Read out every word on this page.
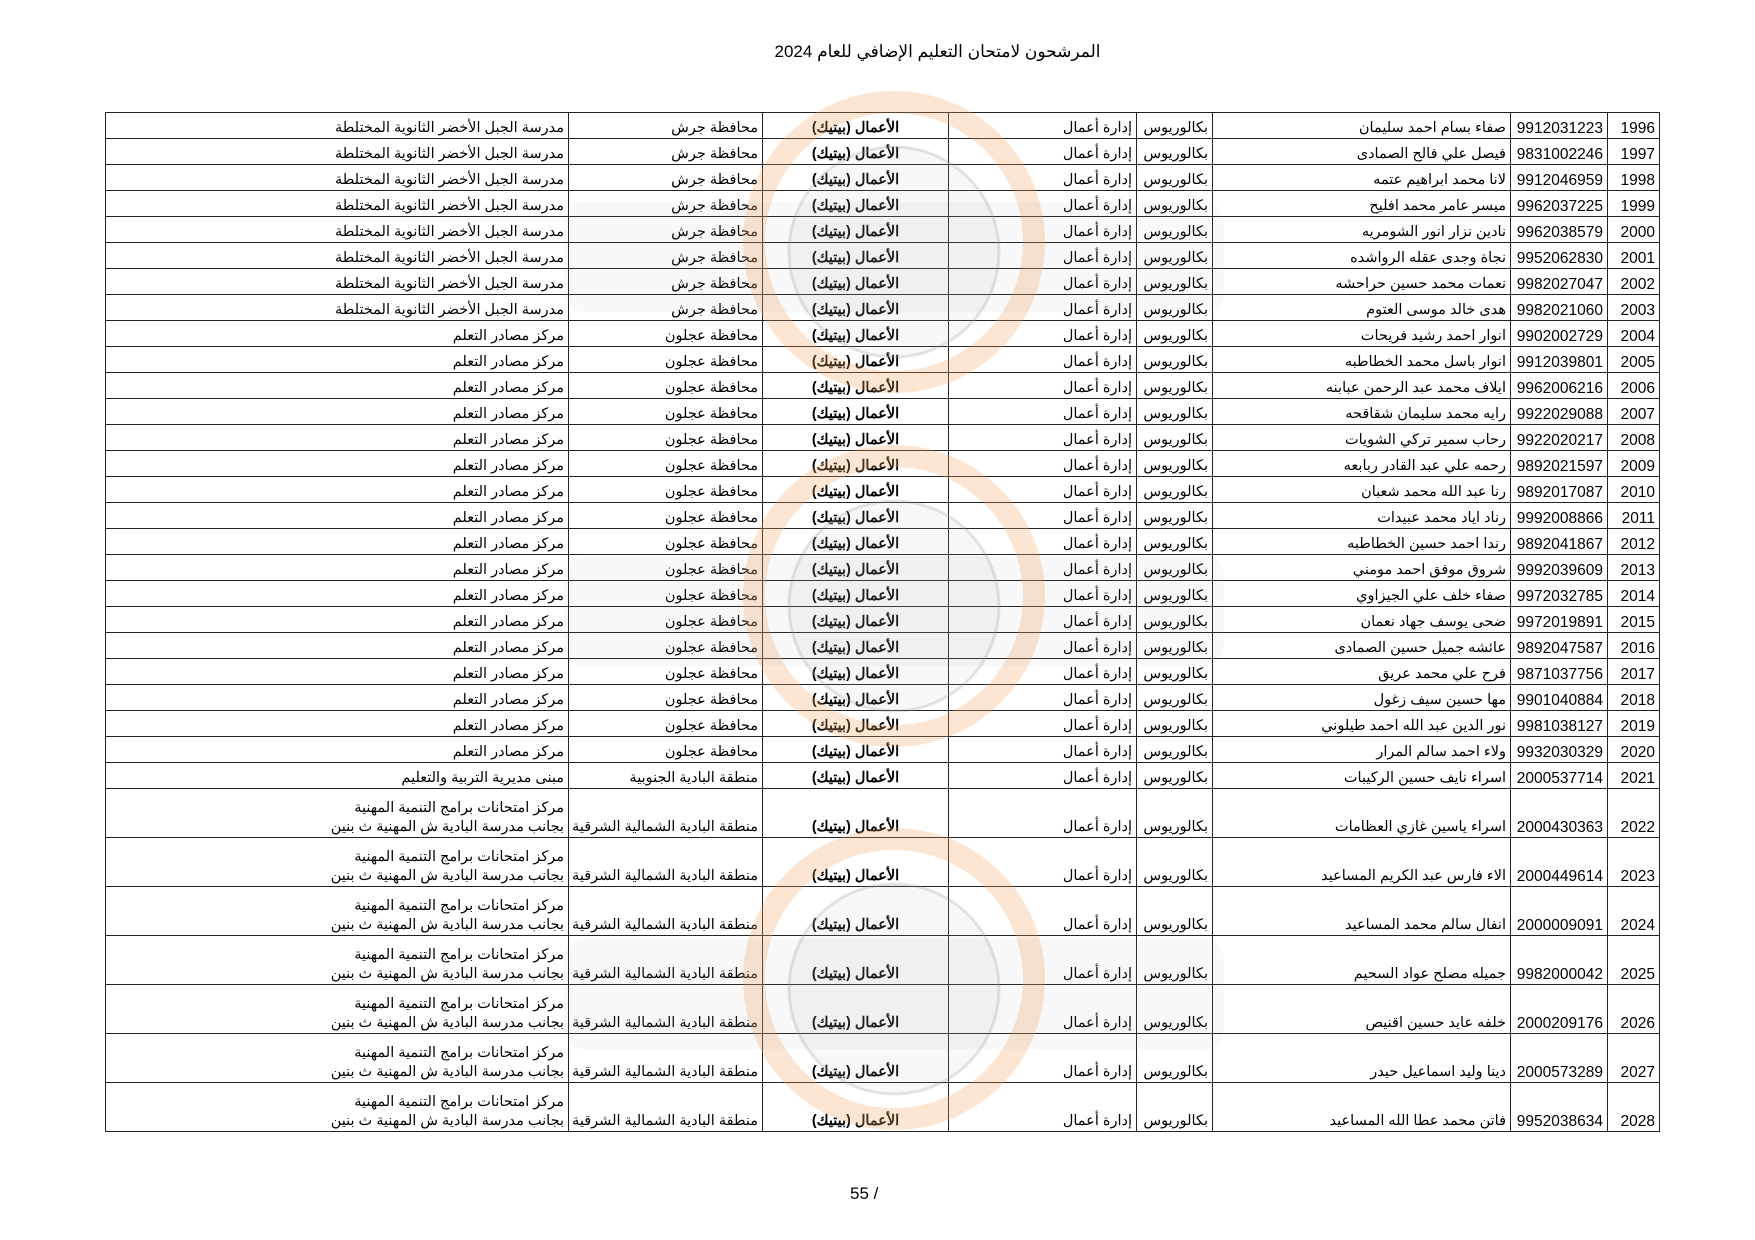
المرشحون لامتحان التعليم الإضافي للعام 2024
1996	9912031223	صفاء بسام احمد سليمان	بكالوريوس	إدارة أعمال	الأعمال (بيتيك)	محافظة جرش	مدرسة الجبل الأخضر الثانوية المختلطة
1997	9831002246	فيصل علي فالح الصمادى	بكالوريوس	إدارة أعمال	الأعمال (بيتيك)	محافظة جرش	مدرسة الجبل الأخضر الثانوية المختلطة
1998	9912046959	لانا محمد ابراهيم عتمه	بكالوريوس	إدارة أعمال	الأعمال (بيتيك)	محافظة جرش	مدرسة الجبل الأخضر الثانوية المختلطة
1999	9962037225	ميسر عامر محمد افليح	بكالوريوس	إدارة أعمال	الأعمال (بيتيك)	محافظة جرش	مدرسة الجبل الأخضر الثانوية المختلطة
2000	9962038579	نادين نزار انور الشومريه	بكالوريوس	إدارة أعمال	الأعمال (بيتيك)	محافظة جرش	مدرسة الجبل الأخضر الثانوية المختلطة
2001	9952062830	نجاة وجدى عقله الرواشده	بكالوريوس	إدارة أعمال	الأعمال (بيتيك)	محافظة جرش	مدرسة الجبل الأخضر الثانوية المختلطة
2002	9982027047	نعمات محمد حسين حراحشه	بكالوريوس	إدارة أعمال	الأعمال (بيتيك)	محافظة جرش	مدرسة الجبل الأخضر الثانوية المختلطة
2003	9982021060	هدى خالد موسى العتوم	بكالوريوس	إدارة أعمال	الأعمال (بيتيك)	محافظة جرش	مدرسة الجبل الأخضر الثانوية المختلطة
2004	9902002729	انوار احمد رشيد فريحات	بكالوريوس	إدارة أعمال	الأعمال (بيتيك)	محافظة عجلون	مركز مصادر التعلم
2005	9912039801	انوار باسل محمد الخطاطبه	بكالوريوس	إدارة أعمال	الأعمال (بيتيك)	محافظة عجلون	مركز مصادر التعلم
2006	9962006216	ايلاف محمد عبد الرحمن عبابنه	بكالوريوس	إدارة أعمال	الأعمال (بيتيك)	محافظة عجلون	مركز مصادر التعلم
2007	9922029088	رايه محمد سليمان شقاقحه	بكالوريوس	إدارة أعمال	الأعمال (بيتيك)	محافظة عجلون	مركز مصادر التعلم
2008	9922020217	رحاب سمير تركي الشويات	بكالوريوس	إدارة أعمال	الأعمال (بيتيك)	محافظة عجلون	مركز مصادر التعلم
2009	9892021597	رحمه علي عبد القادر ربابعه	بكالوريوس	إدارة أعمال	الأعمال (بيتيك)	محافظة عجلون	مركز مصادر التعلم
2010	9892017087	رنا عبد الله محمد شعبان	بكالوريوس	إدارة أعمال	الأعمال (بيتيك)	محافظة عجلون	مركز مصادر التعلم
2011	9992008866	رناد اياد محمد عبيدات	بكالوريوس	إدارة أعمال	الأعمال (بيتيك)	محافظة عجلون	مركز مصادر التعلم
2012	9892041867	رندا احمد حسين الخطاطبه	بكالوريوس	إدارة أعمال	الأعمال (بيتيك)	محافظة عجلون	مركز مصادر التعلم
2013	9992039609	شروق موفق احمد مومني	بكالوريوس	إدارة أعمال	الأعمال (بيتيك)	محافظة عجلون	مركز مصادر التعلم
2014	9972032785	صفاء خلف علي الجيزاوي	بكالوريوس	إدارة أعمال	الأعمال (بيتيك)	محافظة عجلون	مركز مصادر التعلم
2015	9972019891	ضحى يوسف جهاد نعمان	بكالوريوس	إدارة أعمال	الأعمال (بيتيك)	محافظة عجلون	مركز مصادر التعلم
2016	9892047587	عائشه جميل حسين الصمادى	بكالوريوس	إدارة أعمال	الأعمال (بيتيك)	محافظة عجلون	مركز مصادر التعلم
2017	9871037756	فرح علي محمد عريق	بكالوريوس	إدارة أعمال	الأعمال (بيتيك)	محافظة عجلون	مركز مصادر التعلم
2018	9901040884	مها حسين سيف زغول	بكالوريوس	إدارة أعمال	الأعمال (بيتيك)	محافظة عجلون	مركز مصادر التعلم
2019	9981038127	نور الدين عبد الله احمد طيلوني	بكالوريوس	إدارة أعمال	الأعمال (بيتيك)	محافظة عجلون	مركز مصادر التعلم
2020	9932030329	ولاء احمد سالم المرار	بكالوريوس	إدارة أعمال	الأعمال (بيتيك)	محافظة عجلون	مركز مصادر التعلم
2021	2000537714	اسراء نايف حسين الركيبات	بكالوريوس	إدارة أعمال	الأعمال (بيتيك)	منطقة البادية الجنوبية	مبنى مديرية التربية والتعليم
2022	2000430363	اسراء ياسين غازي العظامات	بكالوريوس	إدارة أعمال	الأعمال (بيتيك)	منطقة البادية الشمالية الشرقية	مركز امتحانات برامج التنمية المهنية
بجانب مدرسة البادية ش المهنية ث بنين

2023	2000449614	الاء فارس عبد الكريم المساعيد	بكالوريوس	إدارة أعمال	الأعمال (بيتيك)	منطقة البادية الشمالية الشرقية	مركز امتحانات برامج التنمية المهنية
بجانب مدرسة البادية ش المهنية ث بنين

2024	2000009091	انفال سالم محمد المساعيد	بكالوريوس	إدارة أعمال	الأعمال (بيتيك)	منطقة البادية الشمالية الشرقية	مركز امتحانات برامج التنمية المهنية
بجانب مدرسة البادية ش المهنية ث بنين

2025	9982000042	جميله مصلح عواد السحيم	بكالوريوس	إدارة أعمال	الأعمال (بيتيك)	منطقة البادية الشمالية الشرقية	مركز امتحانات برامج التنمية المهنية
بجانب مدرسة البادية ش المهنية ث بنين

2026	2000209176	خلفه عايد حسين اقنيص	بكالوريوس	إدارة أعمال	الأعمال (بيتيك)	منطقة البادية الشمالية الشرقية	مركز امتحانات برامج التنمية المهنية
بجانب مدرسة البادية ش المهنية ث بنين

2027	2000573289	دينا وليد اسماعيل حيدر	بكالوريوس	إدارة أعمال	الأعمال (بيتيك)	منطقة البادية الشمالية الشرقية	مركز امتحانات برامج التنمية المهنية
بجانب مدرسة البادية ش المهنية ث بنين

2028	9952038634	فاتن محمد عطا الله المساعيد	بكالوريوس	إدارة أعمال	الأعمال (بيتيك)	منطقة البادية الشمالية الشرقية	مركز امتحانات برامج التنمية المهنية
بجانب مدرسة البادية ش المهنية ث بنين
55 /
